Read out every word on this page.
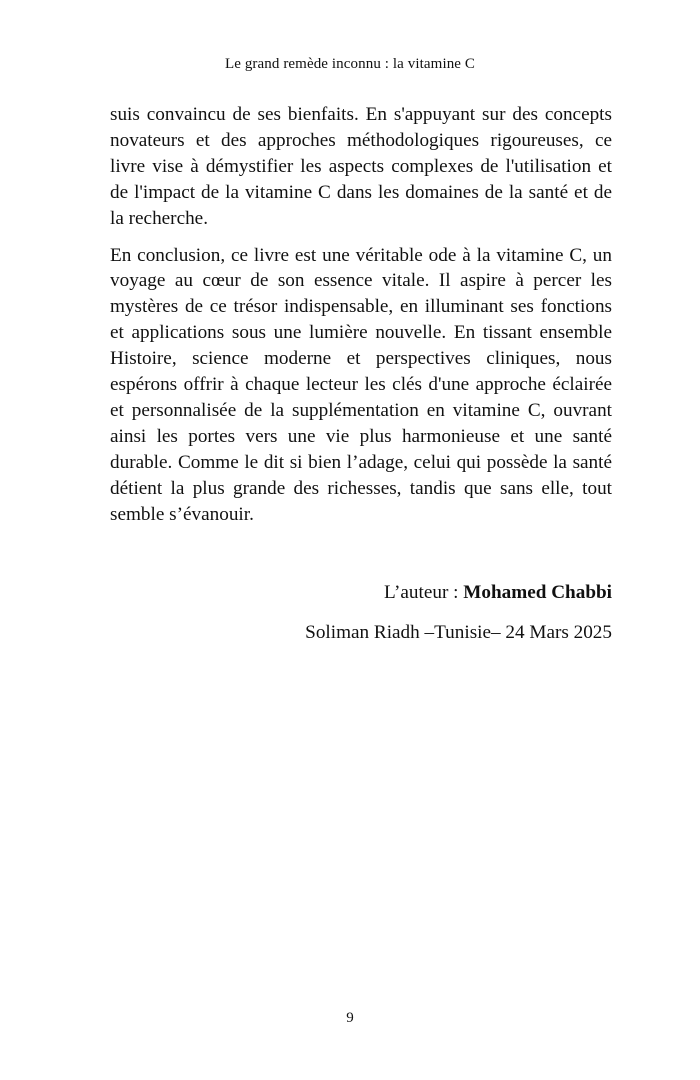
Le grand remède inconnu : la vitamine C

suis convaincu de ses bienfaits. En s'appuyant sur des concepts novateurs et des approches méthodologiques rigoureuses, ce livre vise à démystifier les aspects complexes de l'utilisation et de l'impact de la vitamine C dans les domaines de la santé et de la recherche.

En conclusion, ce livre est une véritable ode à la vitamine C, un voyage au cœur de son essence vitale. Il aspire à percer les mystères de ce trésor indispensable, en illuminant ses fonctions et applications sous une lumière nouvelle. En tissant ensemble Histoire, science moderne et perspectives cliniques, nous espérons offrir à chaque lecteur les clés d'une approche éclairée et personnalisée de la supplémentation en vitamine C, ouvrant ainsi les portes vers une vie plus harmonieuse et une santé durable. Comme le dit si bien l’adage, celui qui possède la santé détient la plus grande des richesses, tandis que sans elle, tout semble s’évanouir.

L’auteur : Mohamed Chabbi
Soliman Riadh –Tunisie– 24 Mars 2025
9
